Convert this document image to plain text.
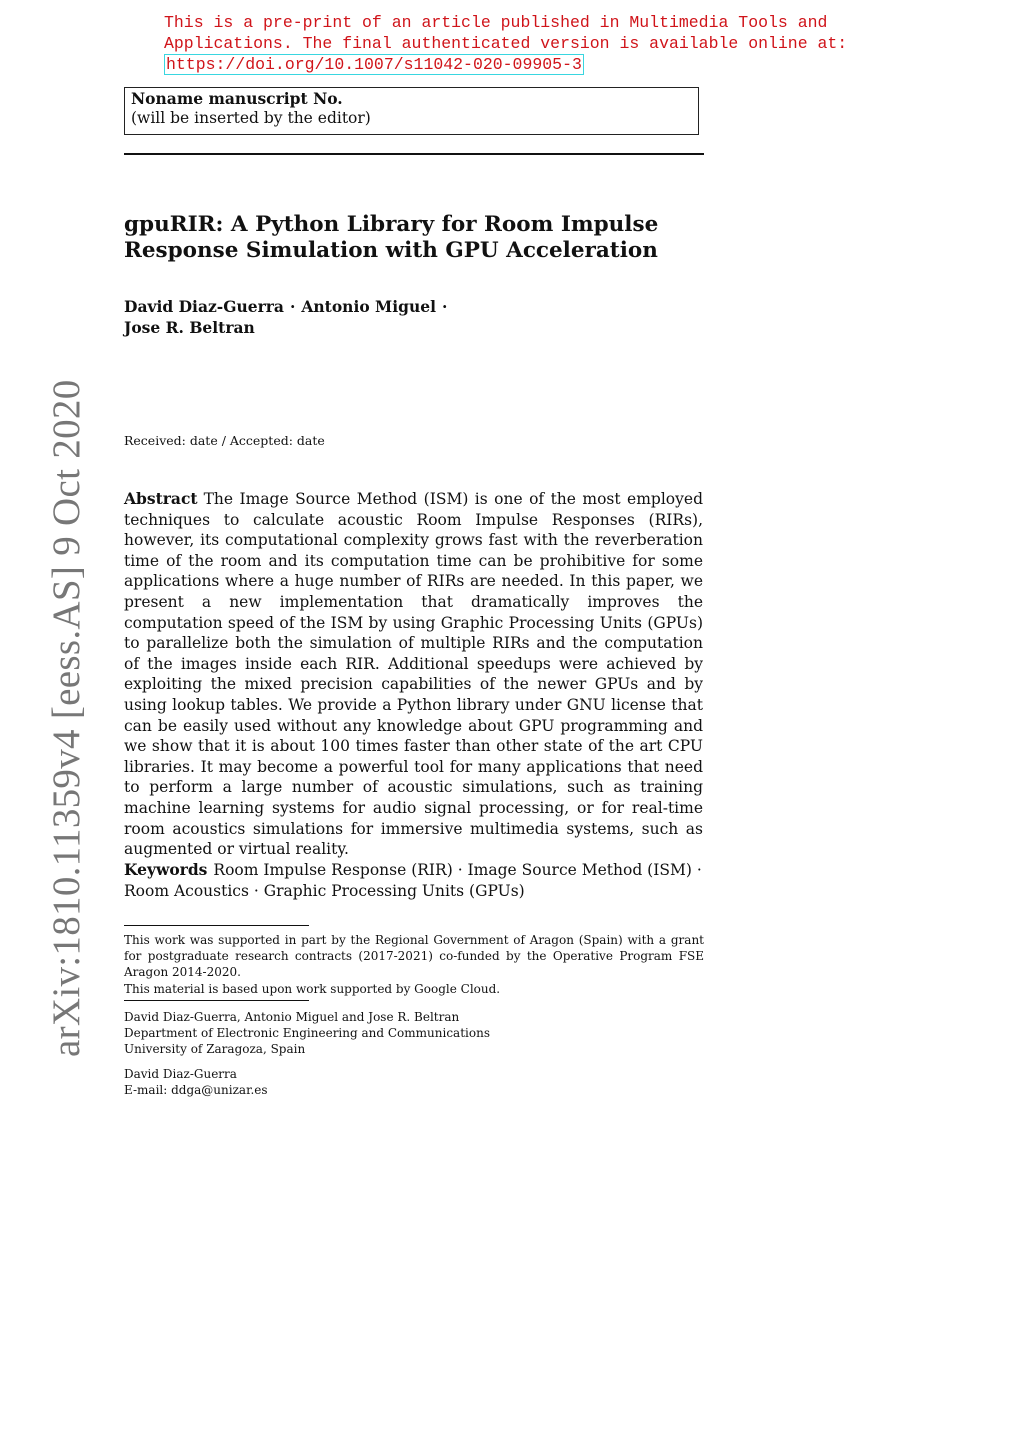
This is a pre-print of an article published in Multimedia Tools and
Applications. The final authenticated version is available online at:
https://doi.org/10.1007/s11042-020-09905-3
Noname manuscript No.
(will be inserted by the editor)
gpuRIR: A Python Library for Room Impulse Response Simulation with GPU Acceleration
David Diaz-Guerra · Antonio Miguel ·
Jose R. Beltran
Received: date / Accepted: date
Abstract The Image Source Method (ISM) is one of the most employed techniques to calculate acoustic Room Impulse Responses (RIRs), however, its computational complexity grows fast with the reverberation time of the room and its computation time can be prohibitive for some applications where a huge number of RIRs are needed. In this paper, we present a new implementation that dramatically improves the computation speed of the ISM by using Graphic Processing Units (GPUs) to parallelize both the simulation of multiple RIRs and the computation of the images inside each RIR. Additional speedups were achieved by exploiting the mixed precision capabilities of the newer GPUs and by using lookup tables. We provide a Python library under GNU license that can be easily used without any knowledge about GPU programming and we show that it is about 100 times faster than other state of the art CPU libraries. It may become a powerful tool for many applications that need to perform a large number of acoustic simulations, such as training machine learning systems for audio signal processing, or for real-time room acoustics simulations for immersive multimedia systems, such as augmented or virtual reality.
Keywords Room Impulse Response (RIR) · Image Source Method (ISM) · Room Acoustics · Graphic Processing Units (GPUs)
This work was supported in part by the Regional Government of Aragon (Spain) with a grant for postgraduate research contracts (2017-2021) co-funded by the Operative Program FSE Aragon 2014-2020.
This material is based upon work supported by Google Cloud.
David Diaz-Guerra, Antonio Miguel and Jose R. Beltran
Department of Electronic Engineering and Communications
University of Zaragoza, Spain
David Diaz-Guerra
E-mail: ddga@unizar.es
arXiv:1810.11359v4 [eess.AS] 9 Oct 2020
